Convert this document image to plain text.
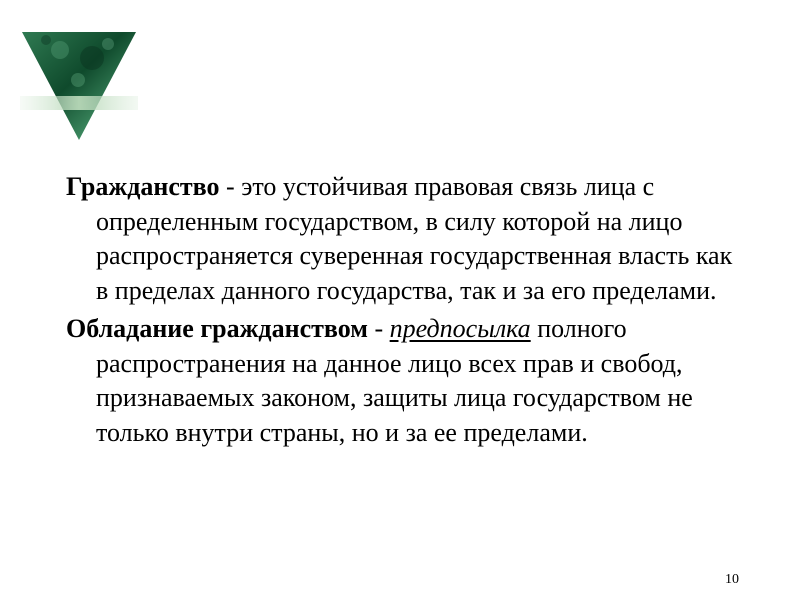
Гражданство - это устойчивая правовая связь лица с определенным государством, в силу которой на лицо распространяется суверенная государственная власть как в пределах данного государства, так и за его пределами.

Обладание гражданством - предпосылка полного распространения на данное лицо всех прав и свобод, признаваемых законом, защиты лица государством не только внутри страны, но и за ее пределами.

10
